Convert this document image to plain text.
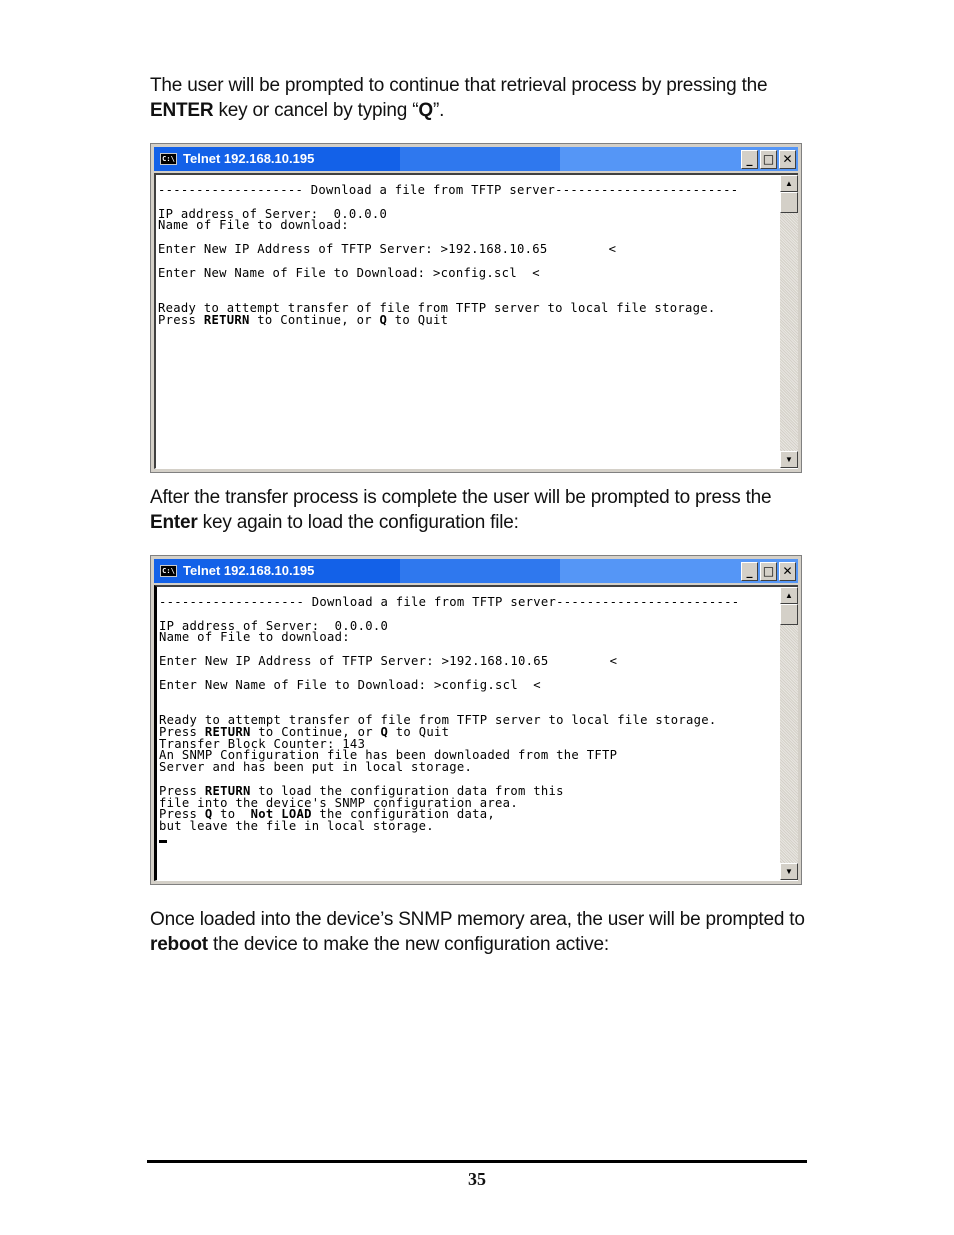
The user will be prompted to continue that retrieval process by pressing the ENTER key or cancel by typing “Q”.

C:\ Telnet 192.168.10.195	_ □ ✕
------------------- Download a file from TFTP server------------------------

IP address of Server:  0.0.0.0
Name of File to download:

Enter New IP Address of TFTP Server: >192.168.10.65        <

Enter New Name of File to Download: >config.scl  <

Ready to attempt transfer of file from TFTP server to local file storage.
Press RETURN to Continue, or Q to Quit
▲
▼

After the transfer process is complete the user will be prompted to press the Enter key again to load the configuration file:

C:\ Telnet 192.168.10.195	_ □ ✕
------------------- Download a file from TFTP server------------------------

IP address of Server:  0.0.0.0
Name of File to download:

Enter New IP Address of TFTP Server: >192.168.10.65        <

Enter New Name of File to Download: >config.scl  <

Ready to attempt transfer of file from TFTP server to local file storage.
Press RETURN to Continue, or Q to Quit
Transfer Block Counter: 143
An SNMP Configuration file has been downloaded from the TFTP
Server and has been put in local storage.

Press RETURN to load the configuration data from this
file into the device's SNMP configuration area.
Press Q to  Not LOAD the configuration data,
but leave the file in local storage.
▲
▼

Once loaded into the device’s SNMP memory area, the user will be prompted to reboot the device to make the new configuration active:

35
